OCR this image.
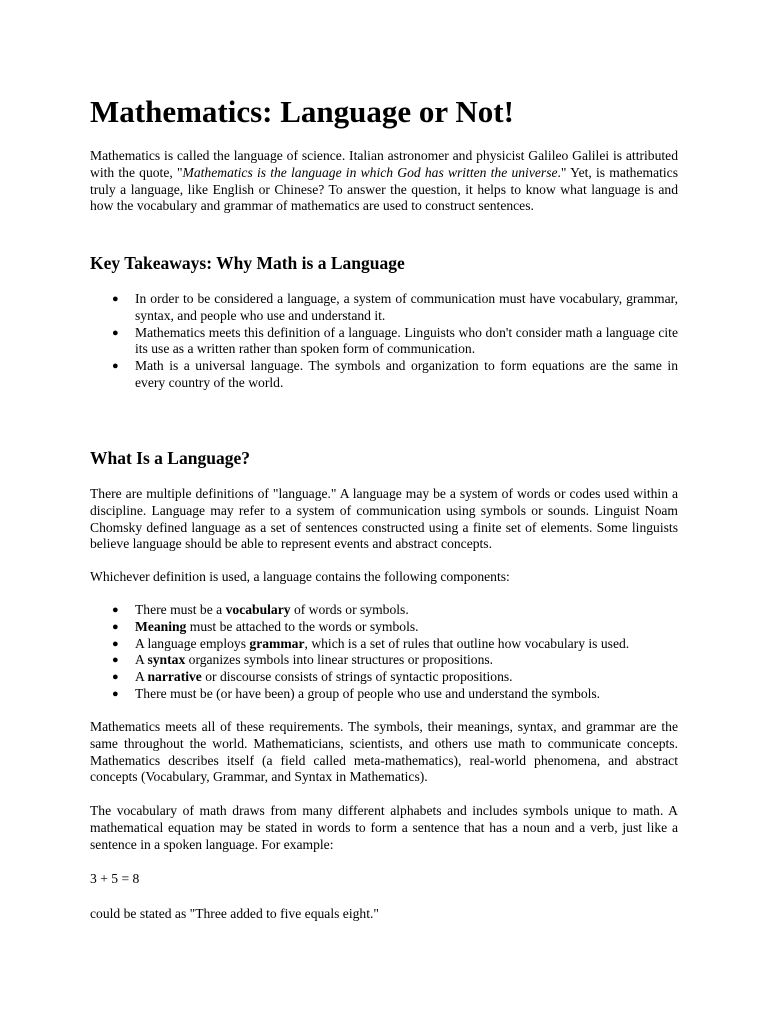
Mathematics: Language or Not!

Mathematics is called the language of science. Italian astronomer and physicist Galileo Galilei is attributed with the quote, "Mathematics is the language in which God has written the universe." Yet, is mathematics truly a language, like English or Chinese? To answer the question, it helps to know what language is and how the vocabulary and grammar of mathematics are used to construct sentences.

Key Takeaways: Why Math is a Language
● In order to be considered a language, a system of communication must have vocabulary, grammar, syntax, and people who use and understand it.
● Mathematics meets this definition of a language. Linguists who don't consider math a language cite its use as a written rather than spoken form of communication.
● Math is a universal language. The symbols and organization to form equations are the same in every country of the world.
What Is a Language?

There are multiple definitions of "language." A language may be a system of words or codes used within a discipline. Language may refer to a system of communication using symbols or sounds. Linguist Noam Chomsky defined language as a set of sentences constructed using a finite set of elements. Some linguists believe language should be able to represent events and abstract concepts.

Whichever definition is used, a language contains the following components:

● There must be a vocabulary of words or symbols.
● Meaning must be attached to the words or symbols.
● A language employs grammar, which is a set of rules that outline how vocabulary is used.
● A syntax organizes symbols into linear structures or propositions.
● A narrative or discourse consists of strings of syntactic propositions.
● There must be (or have been) a group of people who use and understand the symbols.

Mathematics meets all of these requirements. The symbols, their meanings, syntax, and grammar are the same throughout the world. Mathematicians, scientists, and others use math to communicate concepts. Mathematics describes itself (a field called meta-mathematics), real-world phenomena, and abstract concepts (Vocabulary, Grammar, and Syntax in Mathematics).

The vocabulary of math draws from many different alphabets and includes symbols unique to math. A mathematical equation may be stated in words to form a sentence that has a noun and a verb, just like a sentence in a spoken language. For example:

3 + 5 = 8

could be stated as "Three added to five equals eight."
